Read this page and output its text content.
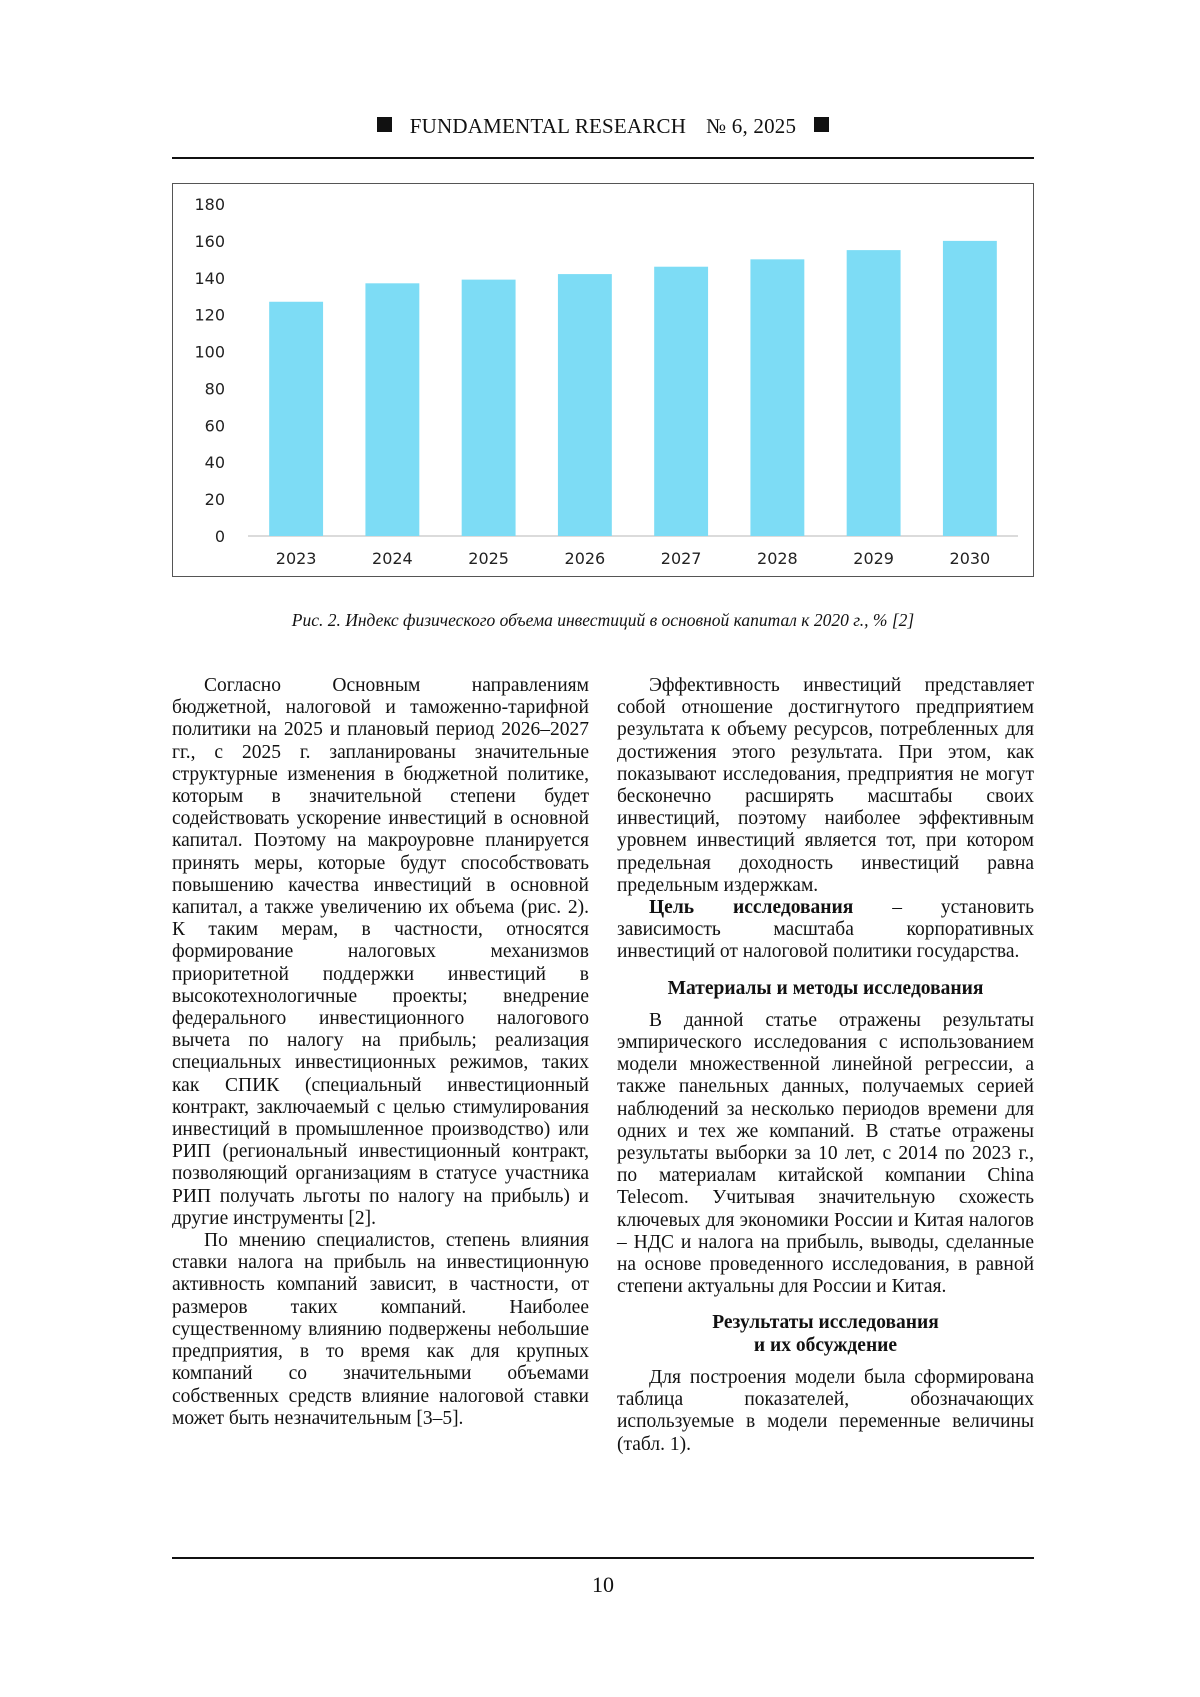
FUNDAMENTAL RESEARCH № 6, 2025
0
20
40
60
80
100
120
140
160
180
2023	2024	2025	2026	2027	2028	2029	2030
Рис. 2. Индекс физического объема инвестиций в основной капитал к 2020 г., % [2]

Согласно Основным направлениям бюджетной, налоговой и таможенно-тарифной политики на 2025 и плановый период 2026–2027 гг., с 2025 г. запланированы значительные структурные изменения в бюджетной политике, которым в значительной степени будет содействовать ускорение инвестиций в основной капитал. Поэтому на макроуровне планируется принять меры, которые будут способствовать повышению качества инвестиций в основной капитал, а также увеличению их объема (рис. 2). К таким мерам, в частности, относятся формирование налоговых механизмов приоритетной поддержки инвестиций в высокотехнологичные проекты; внедрение федерального инвестиционного налогового вычета по налогу на прибыль; реализация специальных инвестиционных режимов, таких как СПИК (специальный инвестиционный контракт, заключаемый с целью стимулирования инвестиций в промышленное производство) или РИП (региональный инвестиционный контракт, позволяющий организациям в статусе участника РИП получать льготы по налогу на прибыль) и другие инструменты [2].

По мнению специалистов, степень влияния ставки налога на прибыль на инвестиционную активность компаний зависит, в частности, от размеров таких компаний. Наиболее существенному влиянию подвержены небольшие предприятия, в то время как для крупных компаний со значительными объемами собственных средств влияние налоговой ставки может быть незначительным [3–5].

Эффективность инвестиций представляет собой отношение достигнутого предприятием результата к объему ресурсов, потребленных для достижения этого результата. При этом, как показывают исследования, предприятия не могут бесконечно расширять масштабы своих инвестиций, поэтому наиболее эффективным уровнем инвестиций является тот, при котором предельная доходность инвестиций равна предельным издержкам.

Цель исследования – установить зависимость масштаба корпоративных инвестиций от налоговой политики государства.

Материалы и методы исследования

В данной статье отражены результаты эмпирического исследования с использованием модели множественной линейной регрессии, а также панельных данных, получаемых серией наблюдений за несколько периодов времени для одних и тех же компаний. В статье отражены результаты выборки за 10 лет, с 2014 по 2023 г., по материалам китайской компании China Telecom. Учитывая значительную схожесть ключевых для экономики России и Китая налогов – НДС и налога на прибыль, выводы, сделанные на основе проведенного исследования, в равной степени актуальны для России и Китая.

Результаты исследования
и их обсуждение

Для построения модели была сформирована таблица показателей, обозначающих используемые в модели переменные величины (табл. 1).

10
